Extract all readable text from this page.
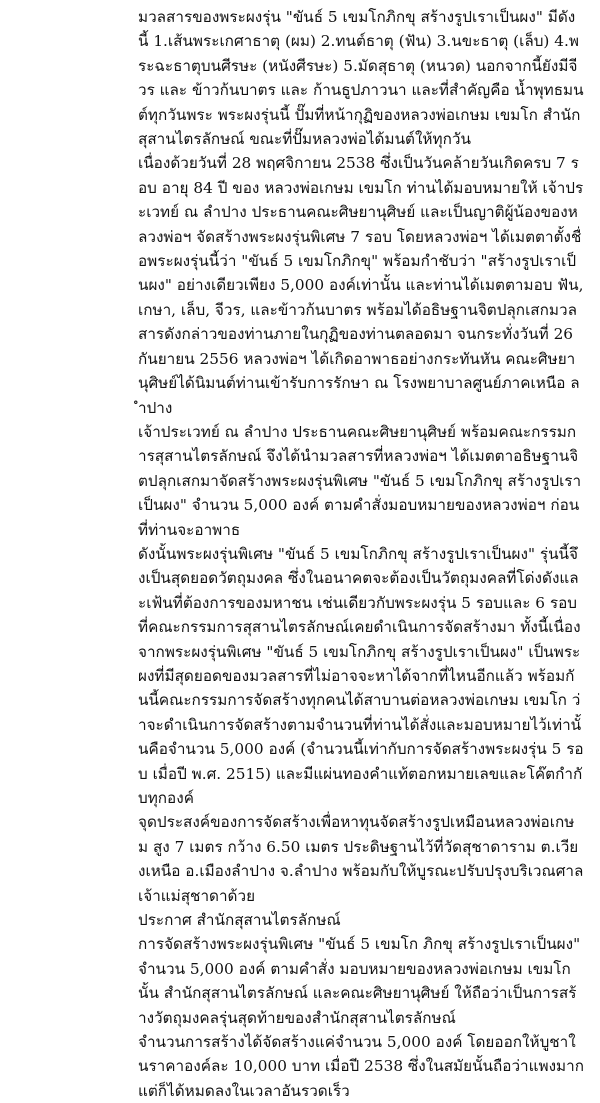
มวลสารของพระผงรุ่น "ขันธ์ 5 เขมโกภิกขุ สร้างรูปเราเป็นผง" มีดังนี้ 1.เส้นพระเกศาธาตุ (ผม) 2.ทนต์ธาตุ (ฟัน) 3.นขะธาตุ (เล็บ) 4.พระฉะธาตุบนศีรษะ (หนังศีรษะ) 5.มัดสุธาตุ (หนวด) นอกจากนี้ยังมีจีวร และ ข้าวก้นบาตร และ ก้านธูปภาวนา และที่สำคัญคือ น้ำพุทธมนต์ทุกวันพระ พระผงรุ่นนี้ ปั๊มที่หน้ากุฏิของหลวงพ่อเกษม เขมโก สำนักสุสานไตรลักษณ์ ขณะที่ปั๊มหลวงพ่อได้มนต์ให้ทุกวัน

เนื่องด้วยวันที่ 28 พฤศจิกายน 2538 ซึ่งเป็นวันคล้ายวันเกิดครบ 7 รอบ อายุ 84 ปี ของ หลวงพ่อเกษม เขมโก ท่านได้มอบหมายให้ เจ้าประเวทย์ ณ ลำปาง ประธานคณะศิษยานุศิษย์ และเป็นญาติผู้น้องของหลวงพ่อฯ จัดสร้างพระผงรุ่นพิเศษ 7 รอบ โดยหลวงพ่อฯ ได้เมตตาตั้งชื่อพระผงรุ่นนี้ว่า "ขันธ์ 5 เขมโกภิกขุ" พร้อมกำชับว่า "สร้างรูปเราเป็นผง" อย่างเดียวเพียง 5,000 องค์เท่านั้น และท่านได้เมตตามอบ ฟัน, เกษา, เล็บ, จีวร, และข้าวก้นบาตร พร้อมได้อธิษฐานจิตปลุกเสกมวลสารดังกล่าวของท่านภายในกุฏิของท่านตลอดมา จนกระทั่งวันที่ 26 กันยายน 2556 หลวงพ่อฯ ได้เกิดอาพาธอย่างกระทันหัน คณะศิษยานุศิษย์ได้นิมนต์ท่านเข้ารับการรักษา ณ โรงพยาบาลศูนย์ภาคเหนือ ลำปาง

เจ้าประเวทย์ ณ ลำปาง ประธานคณะศิษยานุศิษย์ พร้อมคณะกรรมการสุสานไตรลักษณ์ จึงได้นำมวลสารที่หลวงพ่อฯ ได้เมตตาอธิษฐานจิตปลุกเสกมาจัดสร้างพระผงรุ่นพิเศษ "ขันธ์ 5 เขมโกภิกขุ สร้างรูปเราเป็นผง" จำนวน 5,000 องค์ ตามคำสั่งมอบหมายของหลวงพ่อฯ ก่อนที่ท่านจะอาพาธ

ดังนั้นพระผงรุ่นพิเศษ "ขันธ์ 5 เขมโกภิกขุ สร้างรูปเราเป็นผง" รุ่นนี้จึงเป็นสุดยอดวัตถุมงคล ซึ่งในอนาคตจะต้องเป็นวัตถุมงคลที่โด่งดังและเฟ้นที่ต้องการของมหาชน เช่นเดียวกับพระผงรุ่น 5 รอบและ 6 รอบ ที่คณะกรรมการสุสานไตรลักษณ์เคยดำเนินการจัดสร้างมา ทั้งนี้เนื่องจากพระผงรุ่นพิเศษ "ขันธ์ 5 เขมโกภิกขุ สร้างรูปเราเป็นผง" เป็นพระผงที่มีสุดยอดของมวลสารที่ไม่อาจจะหาได้จากที่ไหนอีกแล้ว พร้อมกันนี้คณะกรรมการจัดสร้างทุกคนได้สาบานต่อหลวงพ่อเกษม เขมโก ว่าจะดำเนินการจัดสร้างตามจำนวนที่ท่านได้สั่งและมอบหมายไว้เท่านั้นคือจำนวน 5,000 องค์ (จำนวนนี้เท่ากับการจัดสร้างพระผงรุ่น 5 รอบ เมื่อปี พ.ศ. 2515) และมีแผ่นทองคำแท้ตอกหมายเลขและโค๊ตกำกับทุกองค์

จุดประสงค์ของการจัดสร้างเพื่อหาทุนจัดสร้างรูปเหมือนหลวงพ่อเกษม สูง 7 เมตร กว้าง 6.50 เมตร ประดิษฐานไว้ที่วัดสุชาดาราม ต.เวียงเหนือ อ.เมืองลำปาง จ.ลำปาง พร้อมกับให้บูรณะปรับปรุงบริเวณศาลเจ้าแม่สุชาดาด้วย

ประกาศ สำนักสุสานไตรลักษณ์

การจัดสร้างพระผงรุ่นพิเศษ "ขันธ์ 5 เขมโก ภิกขุ สร้างรูปเราเป็นผง" จำนวน 5,000 องค์ ตามคำสั่ง มอบหมายของหลวงพ่อเกษม เขมโก นั้น สำนักสุสานไตรลักษณ์ และคณะศิษยานุศิษย์ ให้ถือว่าเป็นการสร้างวัตถุมงคลรุ่นสุดท้ายของสำนักสุสานไตรลักษณ์

จำนวนการสร้างได้จัดสร้างแค่จำนวน 5,000 องค์ โดยออกให้บูชาในราคาองค์ละ 10,000 บาท เมื่อปี 2538 ซึ่งในสมัยนั้นถือว่าแพงมาก แต่ก็ได้หมดลงในเวลาอันรวดเร็ว
